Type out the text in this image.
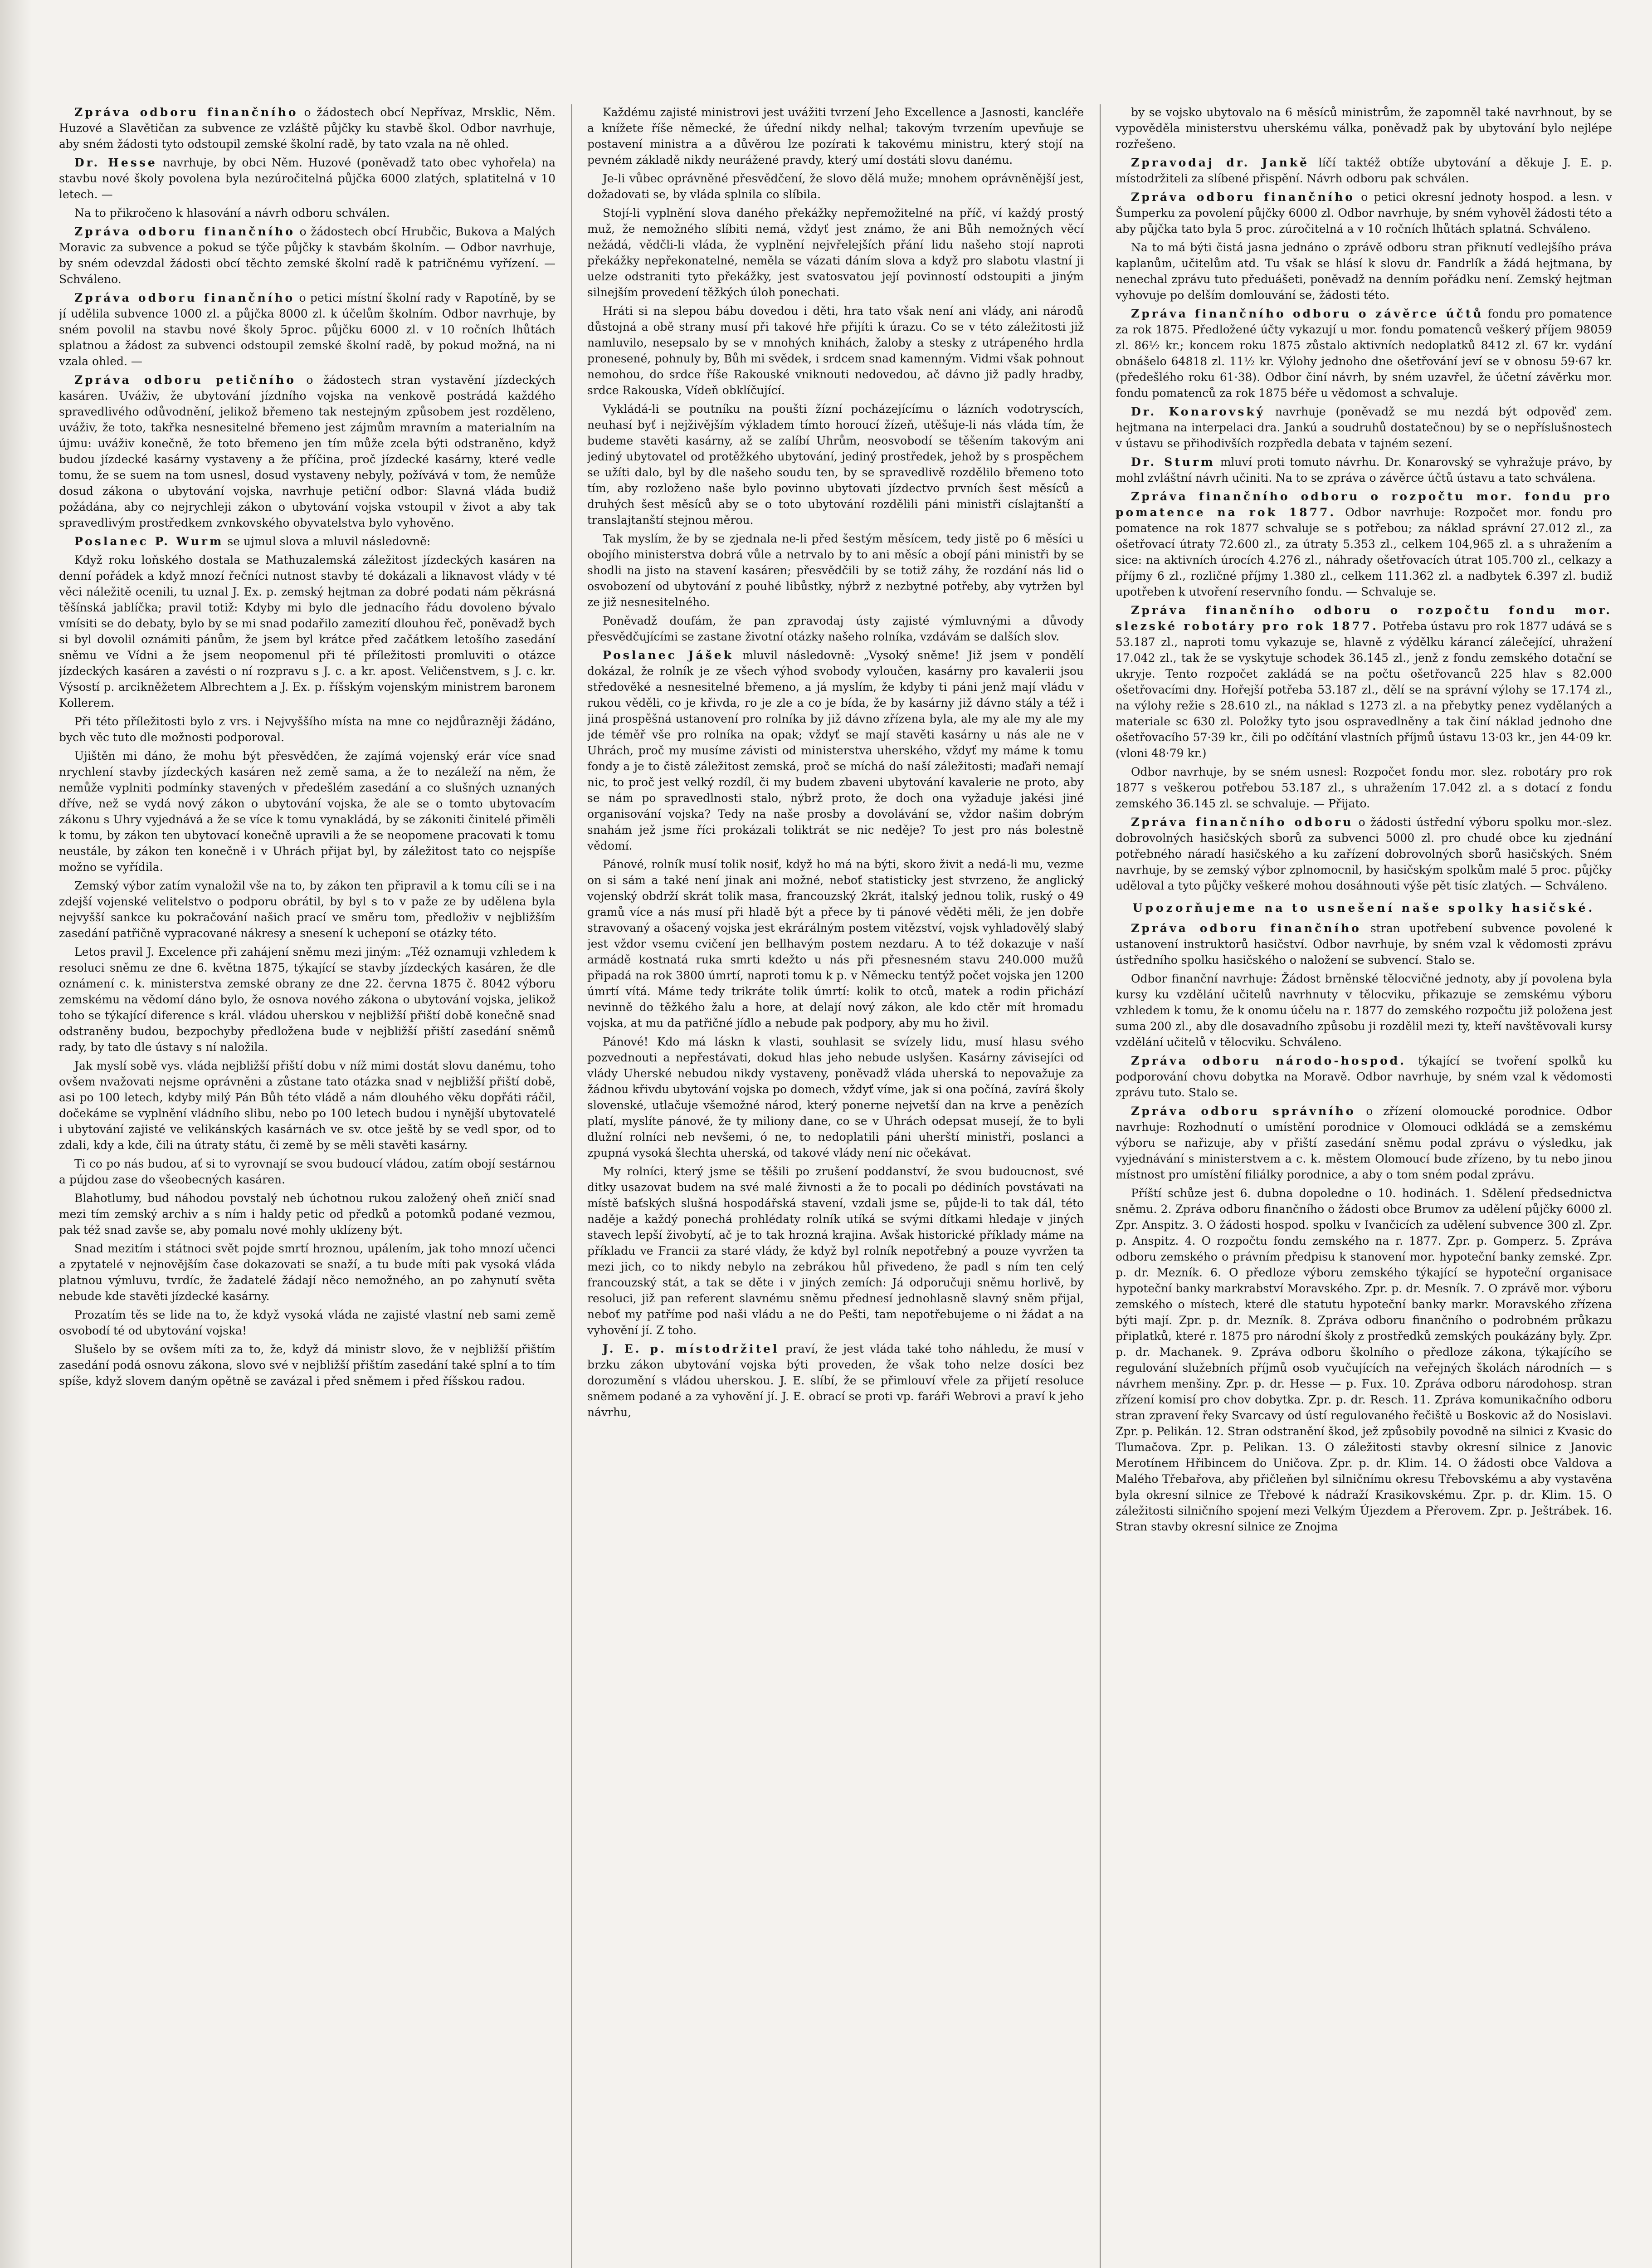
Zpráva odboru finančního o žádostech obcí Nepřívaz, Mrsklic, Něm. Huzové a Slavětičan za subvence ze vzláště půjčky ku stavbě škol. Odbor navrhuje, aby sném žádosti tyto odstoupil zemské školní radě, by tato vzala na ně ohled.

Dr. Hesse navrhuje, by obci Něm. Huzové (poněvadž tato obec vyhořela) na stavbu nové školy povolena byla nezúročitelná půjčka 6000 zlatých, splatitelná v 10 letech. —

Na to přikročeno k hlasování a návrh odboru schválen.

Zpráva odboru finančního o žádostech obcí Hrubčic, Bukova a Malých Moravic za subvence a pokud se týče půjčky k stavbám školním. — Odbor navrhuje, by sném odevzdal žádosti obcí těchto zemské školní radě k patričnému vyřízení. — Schváleno.

Zpráva odboru finančního o petici místní školní rady v Rapotíně, by se jí udělila subvence 1000 zl. a půjčka 8000 zl. k účelům školním. Odbor navrhuje, by sném povolil na stavbu nové školy 5proc. půjčku 6000 zl. v 10 ročních lhůtách splatnou a žádost za subvenci odstoupil zemské školní radě, by pokud možná, na ni vzala ohled. —

Zpráva odboru petičního o žádostech stran vystavění jízdeckých kasáren. Uváživ, že ubytování jízdního vojska na venkově postrádá každého spravedlivého odůvodnění, jelikož břemeno tak nestejným způsobem jest rozděleno, uváživ, že toto, takřka nesnesitelné břemeno jest zájmům mravním a materialním na újmu: uváživ konečně, že toto břemeno jen tím může zcela býti odstraněno, když budou jízdecké kasárny vystaveny a že příčina, proč jízdecké kasárny, které vedle tomu, že se suem na tom usnesl, dosud vystaveny nebyly, požívává v tom, že nemůže dosud zákona o ubytování vojska, navrhuje petiční odbor: Slavná vláda budiž požádána, aby co nejrychleji zákon o ubytování vojska vstoupil v život a aby tak spravedlivým prostředkem zvnkovského obyvatelstva bylo vyhověno.

Poslanec P. Wurm se ujmul slova a mluvil následovně:

Když roku loňského dostala se Mathuzalemská záležitost jízdeckých kasáren na denní pořádek a když mnozí řečníci nutnost stavby té dokázali a liknavost vlády v té věci náležitě ocenili, tu uznal J. Ex. p. zemský hejtman za dobré podati nám pěkrásná těšínská jablíčka; pravil totiž: Kdyby mi bylo dle jednacího řádu dovoleno bývalo vmísiti se do debaty, bylo by se mi snad podařilo zamezití dlouhou řeč, poněvadž bych si byl dovolil oznámiti pánům, že jsem byl krátce před začátkem letošího zasedání sněmu ve Vídni a že jsem neopomenul při té příležitosti promluviti o otázce jízdeckých kasáren a zavésti o ní rozpravu s J. c. a kr. apost. Veličenstvem, s J. c. kr. Výsostí p. arcikněžetem Albrechtem a J. Ex. p. říšským vojenským ministrem baronem Kollerem.

Při této příležitosti bylo z vrs. i Nejvyššího místa na mne co nejdůrazněji žádáno, bych věc tuto dle možnosti podporoval.

Ujištěn mi dáno, že mohu být přesvědčen, že zajímá vojenský erár více snad nrychlení stavby jízdeckých kasáren než země sama, a že to nezáleží na něm, že nemůže vyplniti podmínky stavených v předešlém zasedání a co slušných uznaných dříve, než se vydá nový zákon o ubytování vojska, že ale se o tomto ubytovacím zákonu s Uhry vyjednává a že se více k tomu vynakládá, by se zákoniti činitelé přiměli k tomu, by zákon ten ubytovací konečně upravili a že se neopomene pracovati k tomu neustále, by zákon ten konečně i v Uhrách přijat byl, by záležitost tato co nejspíše možno se vyřídila.

Zemský výbor zatím vynaložil vše na to, by zákon ten připravil a k tomu cíli se i na zdejší vojenské velitelstvo o podporu obrátil, by byl s to v paže ze by udělena byla nejvyšší sankce ku pokračování našich prací ve směru tom, předloživ v nejbližším zasedání patřičně vypracované nákresy a snesení k ucheponí se otázky této.

Letos pravil J. Excelence při zahájení sněmu mezi jiným: „Též oznamuji vzhledem k resoluci sněmu ze dne 6. května 1875, týkající se stavby jízdeckých kasáren, že dle oznámení c. k. ministerstva zemské obrany ze dne 22. června 1875 č. 8042 výboru zemskému na vědomí dáno bylo, že osnova nového zákona o ubytování vojska, jelikož toho se týkající diference s král. vládou uherskou v nejbližší přiští době konečně snad odstraněny budou, bezpochyby předložena bude v nejbližší přiští zasedání sněmů rady, by tato dle ústavy s ní naložila.

Jak myslí sobě vys. vláda nejbližší přiští dobu v níž mimi dostát slovu danému, toho ovšem nvažovati nejsme oprávněni a zůstane tato otázka snad v nejbližší přiští době, asi po 100 letech, kdyby milý Pán Bůh této vládě a nám dlouhého věku dopřáti ráčil, dočekáme se vyplnění vládního slibu, nebo po 100 letech budou i nynější ubytovatelé i ubytování zajisté ve velikánských kasárnách ve sv. otce ještě by se vedl spor, od to zdali, kdy a kde, čili na útraty státu, či země by se měli stavěti kasárny.

Ti co po nás budou, ať si to vyrovnají se svou budoucí vládou, zatím obojí sestárnou a pújdou zase do všeobecných kasáren.

Blahotlumy, bud náhodou povstalý neb úchotnou rukou založený oheň zničí snad mezi tím zemský archiv a s ním i haldy petic od předků a potomků podané vezmou, pak též snad zavše se, aby pomalu nové mohly uklízeny být.

Snad mezitím i státnoci svět pojde smrtí hroznou, upálením, jak toho mnozí učenci a zpytatelé v nejnovějším čase dokazovati se snaží, a tu bude míti pak vysoká vláda platnou výmluvu, tvrdíc, že žadatelé žádají něco nemožného, an po zahynutí světa nebude kde stavěti jízdecké kasárny.

Prozatím těs se lide na to, že když vysoká vláda ne zajisté vlastní neb sami země osvobodí té od ubytování vojska!

Slušelo by se ovšem míti za to, že, když dá ministr slovo, že v nejbližší přištím zasedání podá osnovu zákona, slovo své v nejbližší přištím zasedání také splní a to tím spíše, když slovem daným opětně se zavázal i před sněmem i před říšskou radou.

Každému zajisté ministrovi jest uvážiti tvrzení Jeho Excellence a Jasnosti, kancléře a knížete říše německé, že úřední nikdy nelhal; takovým tvrzením upevňuje se postavení ministra a a důvěrou lze pozírati k takovému ministru, který stojí na pevném základě nikdy neurážené pravdy, který umí dostáti slovu danému.

Je-li vůbec oprávněné přesvědčení, že slovo dělá muže; mnohem oprávněnější jest, dožadovati se, by vláda splnila co slíbila.

Stojí-li vyplnění slova daného překážky nepřemožitelné na příč, ví každý prostý muž, že nemožného slíbiti nemá, vždyť jest známo, že ani Bůh nemožných věcí nežádá, vědčli-li vláda, že vyplnění nejvřelejších přání lidu našeho stojí naproti překážky nepřekonatelné, neměla se vázati dáním slova a když pro slabotu vlastní ji uelze odstraniti tyto překážky, jest svatosvatou její povinností odstoupiti a jiným silnejším provedení těžkých úloh ponechati.

Hráti si na slepou bábu dovedou i děti, hra tato však není ani vlády, ani národů důstojná a obě strany musí při takové hře přijíti k úrazu. Co se v této záležitosti již namluvilo, nesepsalo by se v mnohých knihách, žaloby a stesky z utrápeného hrdla pronesené, pohnuly by, Bůh mi svědek, i srdcem snad kamenným. Vidmi však pohnout nemohou, do srdce říše Rakouské vniknouti nedovedou, ač dávno již padly hradby, srdce Rakouska, Vídeň obklíčující.

Vykládá-li se poutníku na poušti žízní pocházejícímu o lázních vodotryscích, neuhasí byť i nejživějším výkladem tímto horoucí žízeň, utěšuje-li nás vláda tím, že budeme stavěti kasárny, až se zalíbí Uhrům, neosvobodí se těšením takovým ani jediný ubytovatel od protěžkého ubytování, jediný prostředek, jehož by s prospěchem se užíti dalo, byl by dle našeho soudu ten, by se spravedlivě rozdělilo břemeno toto tím, aby rozloženo naše bylo povinno ubytovati jízdectvo prvních šest měsíců a druhých šest měsíců aby se o toto ubytování rozdělili páni ministři císlajtanští a translajtanští stejnou měrou.

Tak myslím, že by se zjednala ne-li před šestým měsícem, tedy jistě po 6 měsíci u obojího ministerstva dobrá vůle a netrvalo by to ani měsíc a obojí páni ministři by se shodli na jisto na stavení kasáren; přesvědčili by se totiž záhy, že rozdání nás lid o osvobození od ubytování z pouhé libůstky, nýbrž z nezbytné potřeby, aby vytržen byl ze již nesnesitelného.

Poněvadž doufám, že pan zpravodaj ústy zajisté výmluvnými a důvody přesvědčujícími se zastane životní otázky našeho rolníka, vzdávám se dalších slov.

Poslanec Jášek mluvil následovně: „Vysoký sněme! Již jsem v pondělí dokázal, že rolník je ze všech výhod svobody vyloučen, kasárny pro kavalerii jsou středověké a nesnesitelné břemeno, a já myslím, že kdyby ti páni jenž mají vládu v rukou věděli, co je křivda, ro je zle a co je bída, že by kasárny již dávno stály a též i jiná prospěšná ustanovení pro rolníka by již dávno zřízena byla, ale my ale my ale my jde téměř vše pro rolníka na opak; vždyť se mají stavěti kasárny u nás ale ne v Uhrách, proč my musíme závisti od ministerstva uherského, vždyť my máme k tomu fondy a je to čistě záležitost zemská, proč se míchá do naší záležitosti; maďaři nemají nic, to proč jest velký rozdíl, či my budem zbaveni ubytování kavalerie ne proto, aby se nám po spravedlnosti stalo, nýbrž proto, že doch ona vyžaduje jakési jiné organisování vojska? Tedy na naše prosby a dovolávání se, vždor našim dobrým snahám jež jsme říci prokázali toliktrát se nic neděje? To jest pro nás bolestně vědomí.

Pánové, rolník musí tolik nosiť, když ho má na býti, skoro živit a nedá-li mu, vezme on si sám a také není jinak ani možné, neboť statisticky jest stvrzeno, že anglický vojenský obdrží skrát tolik masa, francouzský 2krát, italský jednou tolik, ruský o 49 gramů více a nás musí při hladě být a přece by ti pánové věděti měli, že jen dobře stravovaný a ošacený vojska jest ekrárálným postem vitězství, vojsk vyhladovělý slabý jest vždor vsemu cvičení jen bellhavým postem nezdaru. A to též dokazuje v naší armádě kostnatá ruka smrti kdežto u nás při přesnesném stavu 240.000 mužů připadá na rok 3800 úmrtí, naproti tomu k p. v Německu tentýž počet vojska jen 1200 úmrtí vítá. Máme tedy trikráte tolik úmrtí: kolik to otců, matek a rodin přichází nevinně do těžkého žalu a hore, at delají nový zákon, ale kdo ctěr mít hromadu vojska, at mu da patřičné jídlo a nebude pak podpory, aby mu ho živil.

Pánové! Kdo má láskn k vlasti, souhlasit se svízely lidu, musí hlasu svého pozvednouti a nepřestávati, dokud hlas jeho nebude uslyšen. Kasárny závisejíci od vlády Uherské nebudou nikdy vystaveny, poněvadž vláda uherská to nepovažuje za žádnou křivdu ubytování vojska po domech, vždyť víme, jak si ona počíná, zavírá školy slovenské, utlačuje všemožné národ, který ponerne nejvetší dan na krve a penězích platí, myslíte pánové, že ty miliony dane, co se v Uhrách odepsat musejí, že to byli dlužní rolníci neb nevšemi, ó ne, to nedoplatili páni uherští ministři, poslanci a zpupná vysoká šlechta uherská, od takové vlády není nic očekávat.

My rolníci, který jsme se těšili po zrušení poddanství, že svou budoucnost, své ditky usazovat budem na své malé živnosti a že to pocali po dédiních povstávati na místě baťských slušná hospodářská stavení, vzdali jsme se, půjde-li to tak dál, této naděje a každý ponechá prohlédaty rolník utíká se svými dítkami hledaje v jiných stavech lepší živobytí, ač je to tak hrozná krajina. Avšak historické příklady máme na příkladu ve Francii za staré vlády, že když byl rolník nepotřebný a pouze vyvržen ta mezi jich, co to nikdy nebylo na zebrákou hůl přivedeno, že padl s ním ten celý francouzský stát, a tak se děte i v jiných zemích: Já odporučuji sněmu horlivě, by resoluci, již pan referent slavnému sněmu přednesí jednohlasně slavný sněm přijal, neboť my patříme pod naši vládu a ne do Pešti, tam nepotřebujeme o ni žádat a na vyhovění jí. Z toho.

J. E. p. místodržitel praví, že jest vláda také toho náhledu, že musí v brzku zákon ubytování vojska býti proveden, že však toho nelze dosíci bez dorozumění s vládou uherskou. J. E. slíbí, že se přimlouví vřele za přijetí resoluce sněmem podané a za vyhovění jí. J. E. obrací se proti vp. faráři Webrovi a praví k jeho návrhu,

by se vojsko ubytovalo na 6 měsíců ministrům, že zapomněl také navrhnout, by se vypověděla ministerstvu uherskému válka, poněvadž pak by ubytování bylo nejlépe rozřešeno.

Zpravodaj dr. Jankě líčí taktéž obtíže ubytování a děkuje J. E. p. místodržiteli za slíbené přispění. Návrh odboru pak schválen.

Zpráva odboru finančního o petici okresní jednoty hospod. a lesn. v Šumperku za povolení půjčky 6000 zl. Odbor navrhuje, by sném vyhověl žádosti této a aby půjčka tato byla 5 proc. zúročitelná a v 10 ročních lhůtách splatná. Schváleno.

Na to má býti čistá jasna jednáno o zprávě odboru stran přiknutí vedlejšího práva kaplanům, učitelům atd. Tu však se hlásí k slovu dr. Fandrlík a žádá hejtmana, by nenechal zprávu tuto předuášeti, poněvadž na denním pořádku není. Zemský hejtman vyhovuje po delším domlouvání se, žádosti této.

Zpráva finančního odboru o závěrce účtů fondu pro pomatence za rok 1875. Předložené účty vykazují u mor. fondu pomatenců veškerý příjem 98059 zl. 86½ kr.; koncem roku 1875 zůstalo aktivních nedoplatků 8412 zl. 67 kr. vydání obnášelo 64818 zl. 11½ kr. Výlohy jednoho dne ošetřování jeví se v obnosu 59·67 kr. (předešlého roku 61·38). Odbor činí návrh, by sném uzavřel, že účetní závěrku mor. fondu pomatenců za rok 1875 béře u vědomost a schvaluje.

Dr. Konarovský navrhuje (poněvadž se mu nezdá být odpověď zem. hejtmana na interpelaci dra. Jankú a soudruhů dostatečnou) by se o nepříslušnostech v ústavu se přihodivších rozpředla debata v tajném sezení.

Dr. Sturm mluví proti tomuto návrhu. Dr. Konarovský se vyhražuje právo, by mohl zvláštní návrh učiniti. Na to se zpráva o závěrce účtů ústavu a tato schválena.

Zpráva finančního odboru o rozpočtu mor. fondu pro pomatence na rok 1877. Odbor navrhuje: Rozpočet mor. fondu pro pomatence na rok 1877 schvaluje se s potřebou; za náklad správní 27.012 zl., za ošetřovací útraty 72.600 zl., za útraty 5.353 zl., celkem 104,965 zl. a s uhražením a sice: na aktivních úrocích 4.276 zl., náhrady ošetřovacích útrat 105.700 zl., celkazy a příjmy 6 zl., rozličné příjmy 1.380 zl., celkem 111.362 zl. a nadbytek 6.397 zl. budiž upotřeben k utvoření reservního fondu. — Schvaluje se.

Zpráva finančního odboru o rozpočtu fondu mor. slezské robotáry pro rok 1877. Potřeba ústavu pro rok 1877 udává se s 53.187 zl., naproti tomu vykazuje se, hlavně z výdělku kárancí zálečející, uhražení 17.042 zl., tak že se vyskytuje schodek 36.145 zl., jenž z fondu zemského dotační se ukryje. Tento rozpočet zakládá se na počtu ošetřovanců 225 hlav s 82.000 ošetřovacími dny. Hořejší potřeba 53.187 zl., dělí se na správní výlohy se 17.174 zl., na výlohy režie s 28.610 zl., na náklad s 1273 zl. a na přebytky penez vydělaných a materiale sc 630 zl. Položky tyto jsou ospravedlněny a tak činí náklad jednoho dne ošetřovacího 57·39 kr., čili po odčítání vlastních příjmů ústavu 13·03 kr., jen 44·09 kr. (vloni 48·79 kr.)

Odbor navrhuje, by se sném usnesl: Rozpočet fondu mor. slez. robotáry pro rok 1877 s veškerou potřebou 53.187 zl., s uhražením 17.042 zl. a s dotací z fondu zemského 36.145 zl. se schvaluje. — Přijato.

Zpráva finančního odboru o žádosti ústřední výboru spolku mor.-slez. dobrovolných hasičských sborů za subvenci 5000 zl. pro chudé obce ku zjednání potřebného náradí hasičského a ku zařízení dobrovolných sborů hasičských. Sném navrhuje, by se zemský výbor zplnomocnil, by hasičským spolkům malé 5 proc. půjčky uděloval a tyto půjčky veškeré mohou dosáhnouti výše pět tisíc zlatých. — Schváleno.

Upozorňujeme na to usnešení naše spolky hasičské.

Zpráva odboru finančního stran upotřebení subvence povolené k ustanovení instruktorů hasičství. Odbor navrhuje, by sném vzal k vědomosti zprávu ústředního spolku hasičského o naložení se subvencí. Stalo se.

Odbor finanční navrhuje: Žádost brněnské tělocvičné jednoty, aby jí povolena byla kursy ku vzdělání učitelů navrhnuty v tělocviku, přikazuje se zemskému výboru vzhledem k tomu, že k onomu účelu na r. 1877 do zemského rozpočtu již položena jest suma 200 zl., aby dle dosavadního způsobu ji rozdělil mezi ty, kteří navštěvovali kursy vzdělání učitelů v tělocviku. Schváleno.

Zpráva odboru národo-hospod. týkající se tvoření spolků ku podporování chovu dobytka na Moravě. Odbor navrhuje, by sném vzal k vědomosti zprávu tuto. Stalo se.

Zpráva odboru správního o zřízení olomoucké porodnice. Odbor navrhuje: Rozhodnutí o umístění porodnice v Olomouci odkládá se a zemskému výboru se nařizuje, aby v přiští zasedání sněmu podal zprávu o výsledku, jak vyjednávání s ministerstvem a c. k. městem Olomoucí bude zřízeno, by tu nebo jinou místnost pro umístění filiálky porodnice, a aby o tom sném podal zprávu.

Příští schůze jest 6. dubna dopoledne o 10. hodinách. 1. Sdělení předsednictva sněmu. 2. Zpráva odboru finančního o žádosti obce Brumov za udělení půjčky 6000 zl. Zpr. Anspitz. 3. O žádosti hospod. spolku v Ivančicích za udělení subvence 300 zl. Zpr. p. Anspitz. 4. O rozpočtu fondu zemského na r. 1877. Zpr. p. Gomperz. 5. Zpráva odboru zemského o právním předpisu k stanovení mor. hypoteční banky zemské. Zpr. p. dr. Mezník. 6. O předloze výboru zemského týkající se hypoteční organisace hypoteční banky markrabství Moravského. Zpr. p. dr. Mesník. 7. O zprávě mor. výboru zemského o místech, které dle statutu hypoteční banky markr. Moravského zřízena býti mají. Zpr. p. dr. Mezník. 8. Zpráva odboru finančního o podrobném průkazu připlatků, které r. 1875 pro národní školy z prostředků zemských poukázány byly. Zpr. p. dr. Machanek. 9. Zpráva odboru školního o předloze zákona, týkajícího se regulování služebních příjmů osob vyučujících na veřejných školách národních — s návrhem menšiny. Zpr. p. dr. Hesse — p. Fux. 10. Zpráva odboru národohosp. stran zřízení komisí pro chov dobytka. Zpr. p. dr. Resch. 11. Zpráva komunikačního odboru stran zpravení řeky Svarcavy od ústí regulovaného řečiště u Boskovic až do Nosislavi. Zpr. p. Pelikán. 12. Stran odstranění škod, jež způsobily povodně na silnici z Kvasic do Tlumačova. Zpr. p. Pelikan. 13. O záležitosti stavby okresní silnice z Janovic Merotínem Hřibincem do Uničova. Zpr. p. dr. Klim. 14. O žádosti obce Valdova a Malého Třebařova, aby přičleňen byl silničnímu okresu Třebovskému a aby vystavěna byla okresní silnice ze Třebové k nádraží Krasikovskému. Zpr. p. dr. Klim. 15. O záležitosti silničního spojení mezi Velkým Újezdem a Přerovem. Zpr. p. Ještrábek. 16. Stran stavby okresní silnice ze Znojma
